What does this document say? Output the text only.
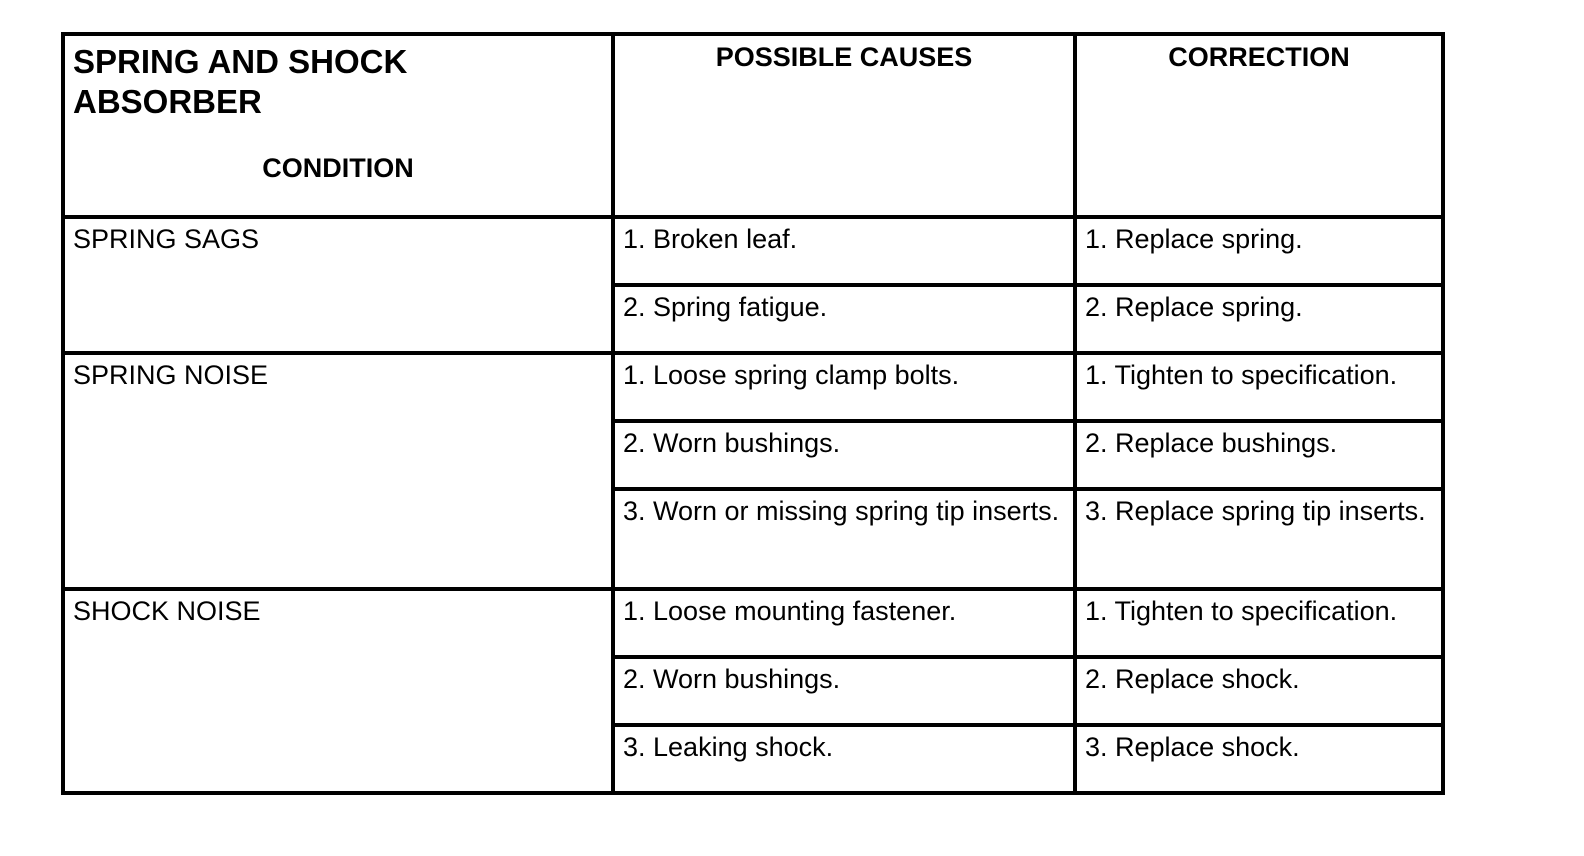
SPRING AND SHOCK
ABSORBER
CONDITION	POSSIBLE CAUSES	CORRECTION

SPRING SAGS	1. Broken leaf.	1. Replace spring.
	2. Spring fatigue.	2. Replace spring.
SPRING NOISE	1. Loose spring clamp bolts.	1. Tighten to specification.
	2. Worn bushings.	2. Replace bushings.
	3. Worn or missing spring tip inserts.	3. Replace spring tip inserts.
SHOCK NOISE	1. Loose mounting fastener.	1. Tighten to specification.
	2. Worn bushings.	2. Replace shock.
	3. Leaking shock.	3. Replace shock.
